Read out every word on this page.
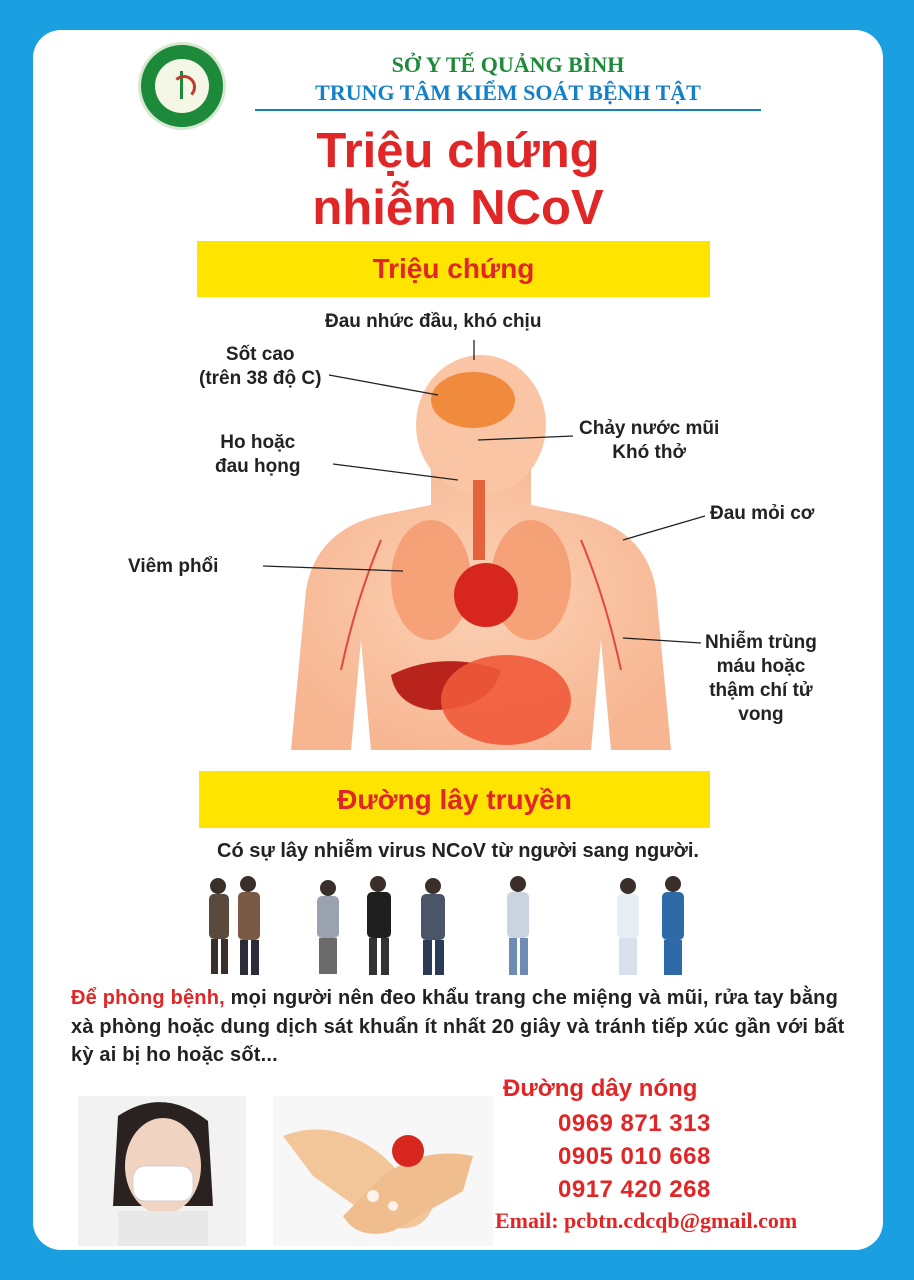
SỞ Y TẾ QUẢNG BÌNH
TRUNG TÂM KIỂM SOÁT BỆNH TẬT
Triệu chứng
nhiễm NCoV
Triệu chứng
Đau nhức đầu, khó chịu
Sốt cao
(trên 38 độ C)
Chảy nước mũi
Khó thở
Ho hoặc
đau họng
Đau mỏi cơ
Viêm phổi
Nhiễm trùng
máu hoặc
thậm chí tử
vong
Đường lây truyền
Có sự lây nhiễm virus NCoV từ người sang người.
Để phòng bệnh, mọi người nên đeo khẩu trang che miệng và mũi, rửa tay bằng xà phòng hoặc dung dịch sát khuẩn ít nhất 20 giây và tránh tiếp xúc gần với bất kỳ ai bị ho hoặc sốt...
Đường dây nóng
0969 871 313
0905 010 668
0917 420 268
Email: pcbtn.cdcqb@gmail.com
